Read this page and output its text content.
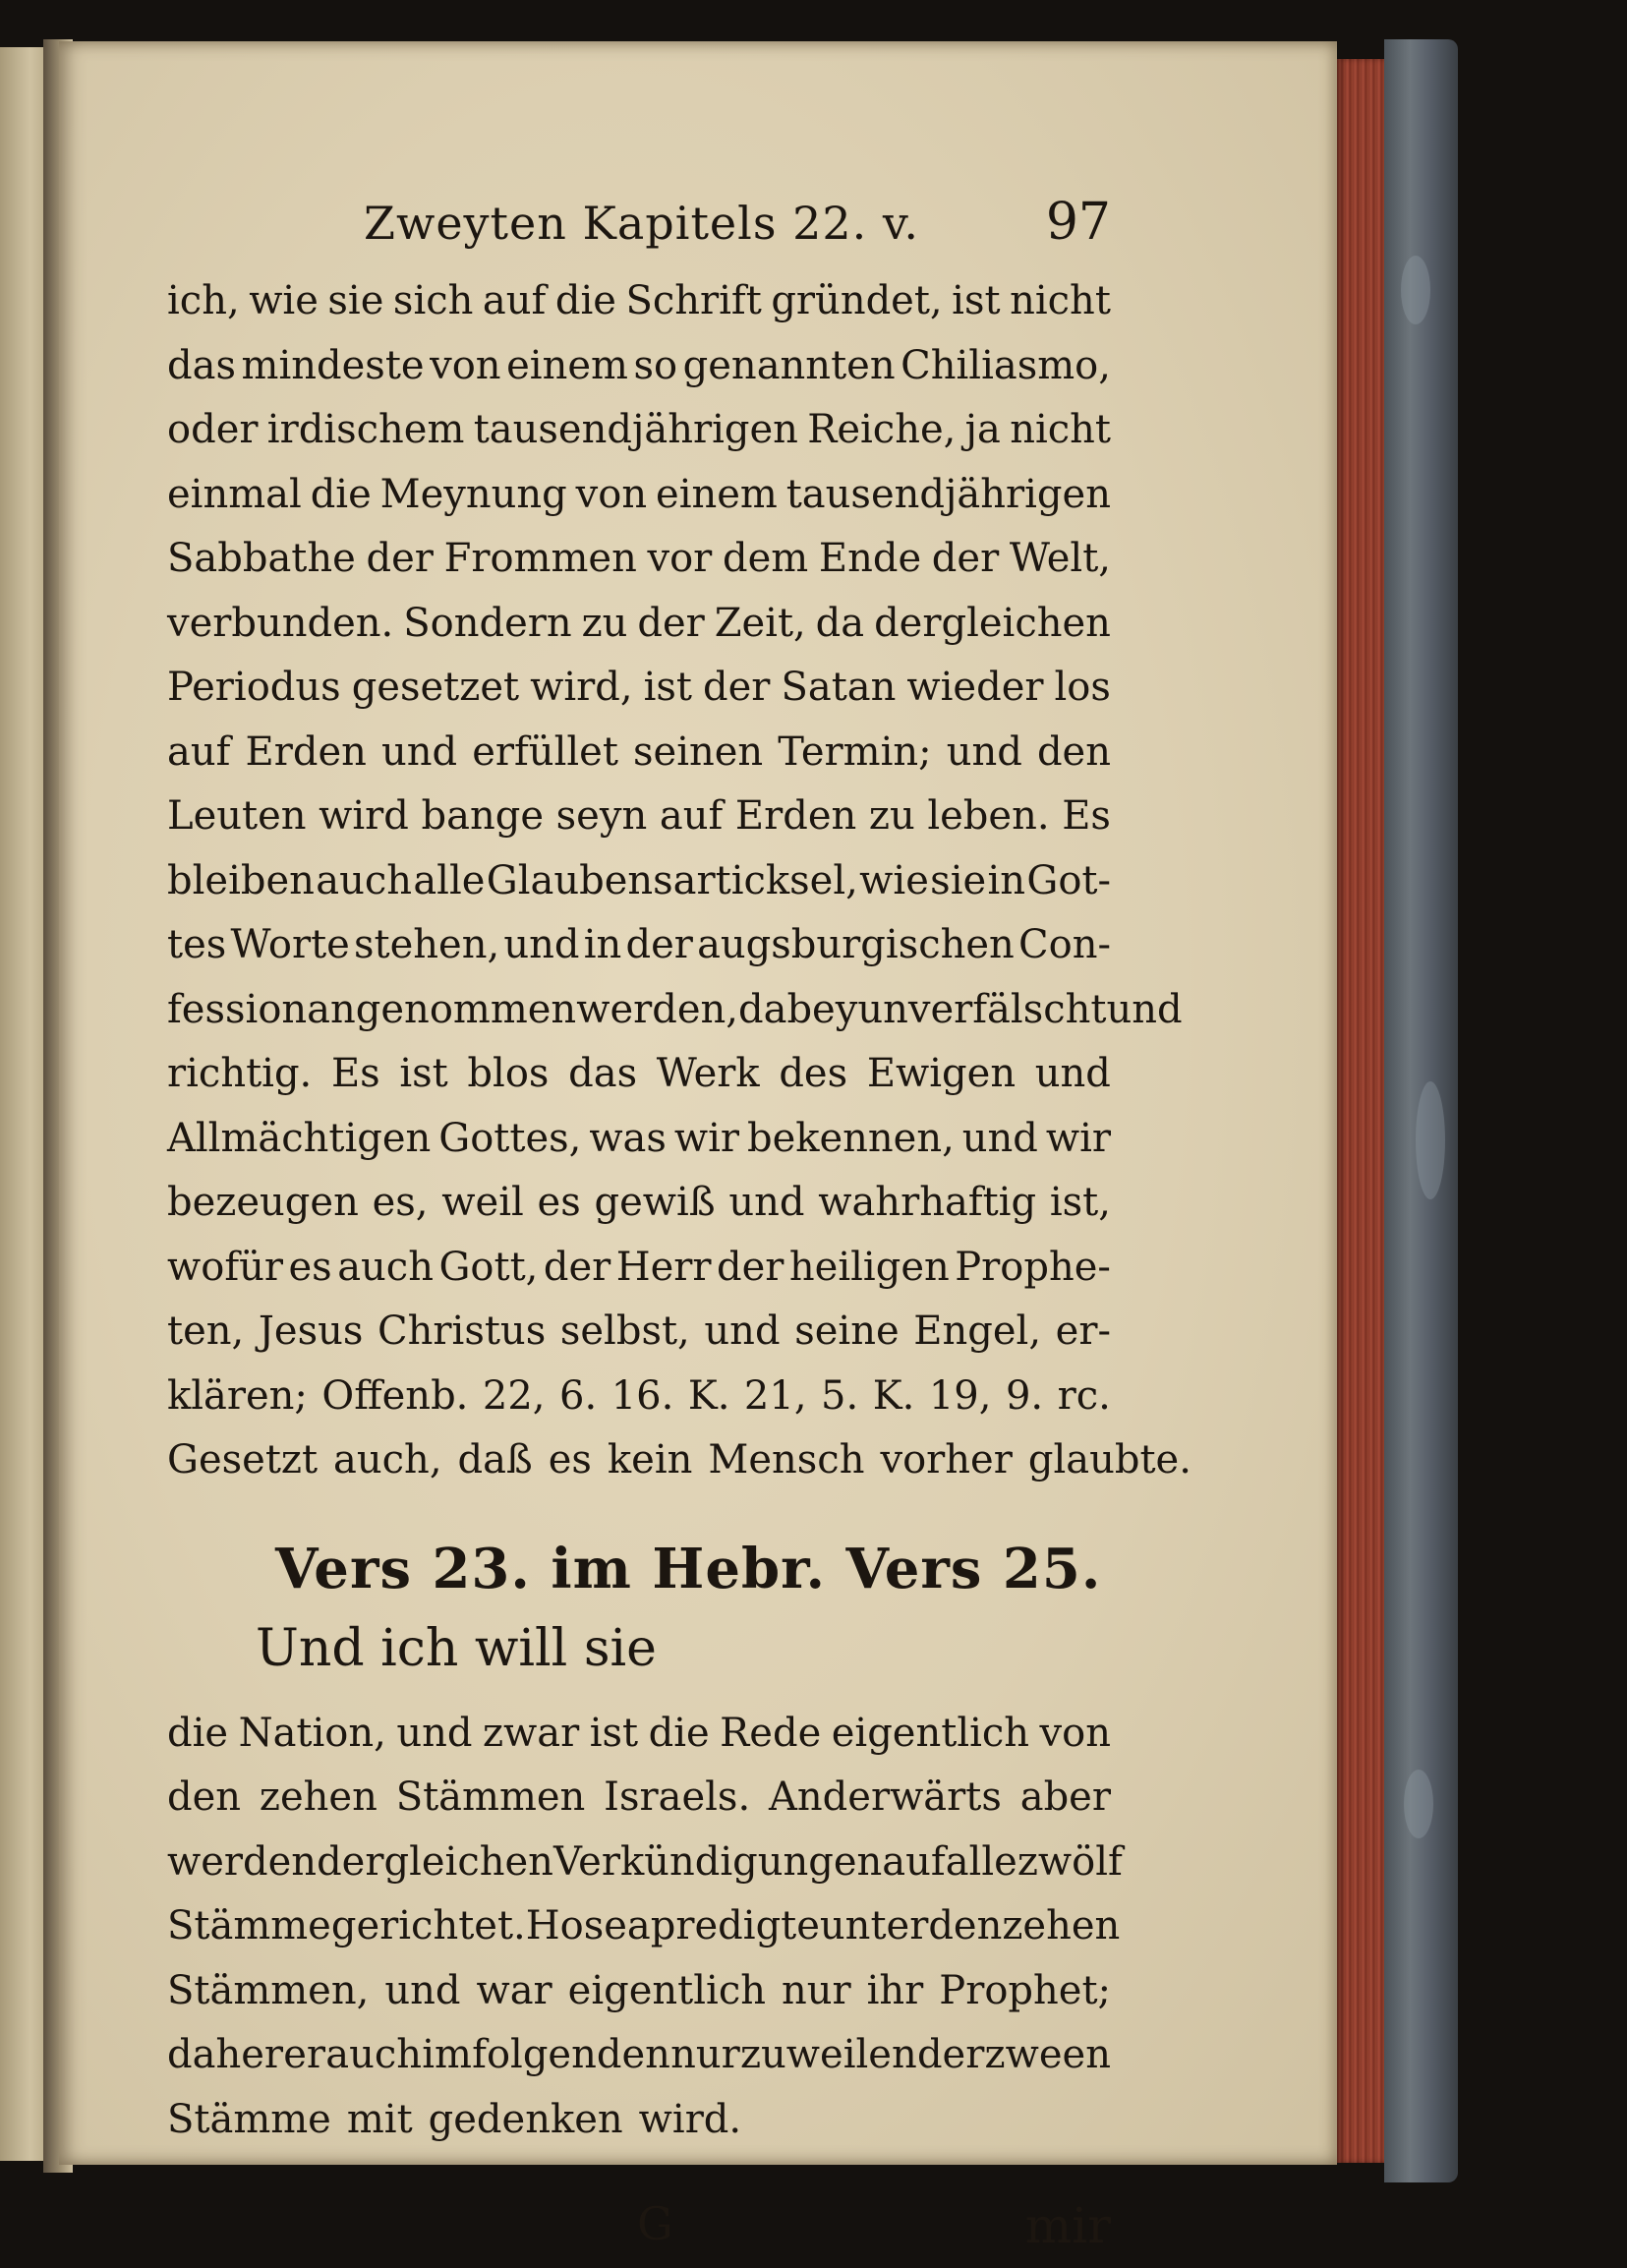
Zweyten Kapitels 22. v. 97
ich, wie sie sich auf die Schrift gründet, ist nicht
das mindeste von einem so genannten Chiliasmo,
oder irdischem tausendjährigen Reiche, ja nicht
einmal die Meynung von einem tausendjährigen
Sabbathe der Frommen vor dem Ende der Welt,
verbunden. Sondern zu der Zeit, da dergleichen
Periodus gesetzet wird, ist der Satan wieder los
auf Erden und erfüllet seinen Termin; und den
Leuten wird bange seyn auf Erden zu leben. Es
bleiben auch alle Glaubensarticksel, wie sie in Got-
tes Worte stehen, und in der augsburgischen Con-
fession angenommen werden, dabey unverfälscht und
richtig. Es ist blos das Werk des Ewigen und
Allmächtigen Gottes, was wir bekennen, und wir
bezeugen es, weil es gewiß und wahrhaftig ist,
wofür es auch Gott, der Herr der heiligen Prophe-
ten, Jesus Christus selbst, und seine Engel, er-
klären; Offenb. 22, 6. 16. K. 21, 5. K. 19, 9. rc.
Gesetzt auch, daß es kein Mensch vorher glaubte.
Vers 23. im Hebr. Vers 25.
Und ich will sie
die Nation, und zwar ist die Rede eigentlich von
den zehen Stämmen Israels. Anderwärts aber
werden dergleichen Verkündigungen auf alle zwölf
Stämme gerichtet. Hosea predigte unter den zehen
Stämmen, und war eigentlich nur ihr Prophet;
daher er auch im folgenden nur zuweilen der zween
Stämme mit gedenken wird.
G	mir
